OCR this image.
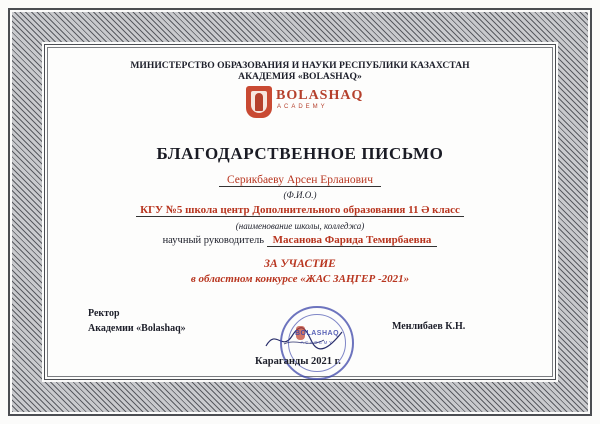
МИНИСТЕРСТВО ОБРАЗОВАНИЯ И НАУКИ РЕСПУБЛИКИ КАЗАХСТАН
АКАДЕМИЯ «BOLASHAQ»
BOLASHAQ
ACADEMY
БЛАГОДАРСТВЕННОЕ ПИСЬМО
Серикбаеву Арсен Ерланович
(Ф.И.О.)
КГУ №5 школа центр Дополнительного образования 11 Ә класс
(наименование школы, колледжа)
научный руководитель Масанова Фарида Темирбаевна
ЗА УЧАСТИЕ
в областном конкурсе «ЖАС ЗАҢГЕР -2021»
Ректор
Академии «Bolashaq»	BOLASHAQ
ACADEMY
Менлибаев К.Н.
Караганды 2021 г.
